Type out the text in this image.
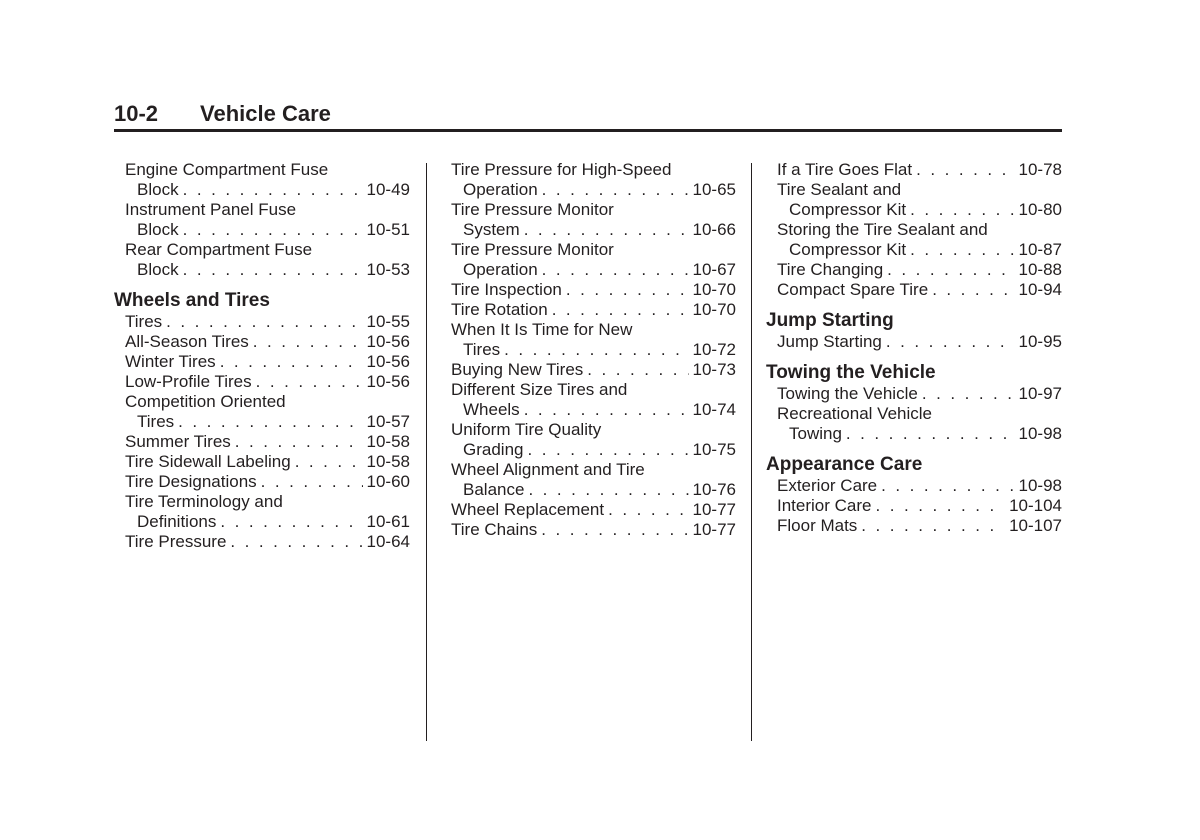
10-2 Vehicle Care
Engine Compartment Fuse
Block . . .	10-49
Instrument Panel Fuse
Block . . .	10-51
Rear Compartment Fuse
Block . . .	10-53
Wheels and Tires
Tires . . .	10-55
All-Season Tires . . .	10-56
Winter Tires . . .	10-56
Low-Profile Tires . . .	10-56
Competition Oriented
Tires . . .	10-57
Summer Tires . . .	10-58
Tire Sidewall Labeling . . .	10-58
Tire Designations . . .	10-60
Tire Terminology and
Definitions . . .	10-61
Tire Pressure . . .	10-64
Tire Pressure for High-Speed
Operation . . .	10-65
Tire Pressure Monitor
System . . .	10-66
Tire Pressure Monitor
Operation . . .	10-67
Tire Inspection . . .	10-70
Tire Rotation . . .	10-70
When It Is Time for New
Tires . . .	10-72
Buying New Tires . . .	10-73
Different Size Tires and
Wheels . . .	10-74
Uniform Tire Quality
Grading . . .	10-75
Wheel Alignment and Tire
Balance . . .	10-76
Wheel Replacement . . .	10-77
Tire Chains . . .	10-77
If a Tire Goes Flat . . .	10-78
Tire Sealant and
Compressor Kit . . .	10-80
Storing the Tire Sealant and
Compressor Kit . . .	10-87
Tire Changing . . .	10-88
Compact Spare Tire . . .	10-94
Jump Starting
Jump Starting . . .	10-95
Towing the Vehicle
Towing the Vehicle . . .	10-97
Recreational Vehicle
Towing . . .	10-98
Appearance Care
Exterior Care . . .	10-98
Interior Care . . .	10-104
Floor Mats . . .	10-107
